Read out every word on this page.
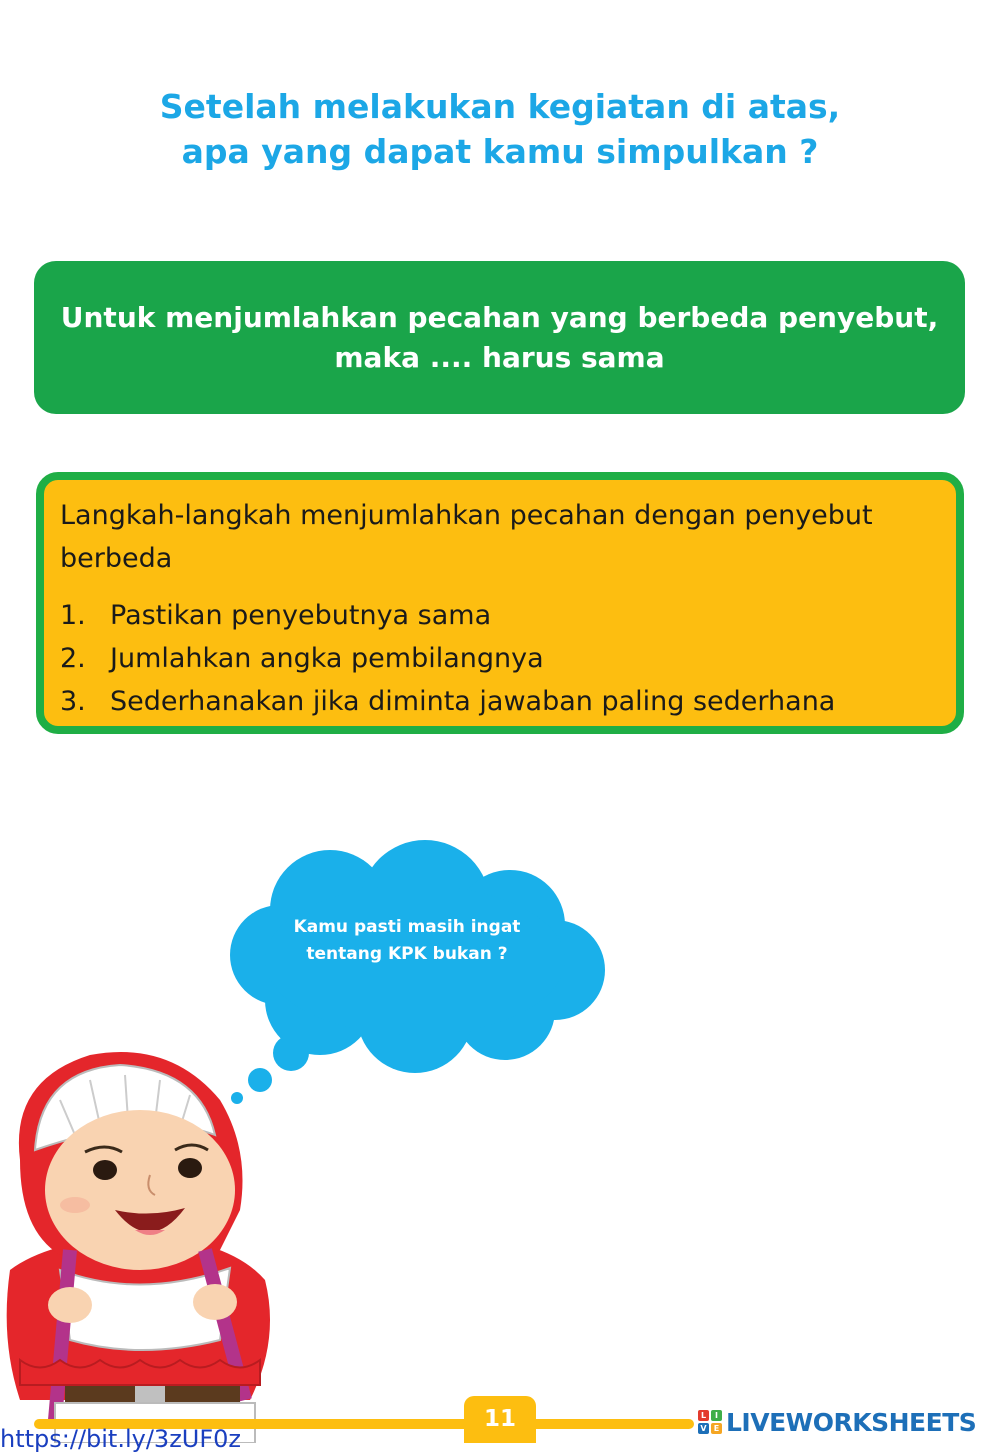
Setelah melakukan kegiatan di atas,
apa yang dapat kamu simpulkan ?
Untuk menjumlahkan pecahan yang berbeda penyebut,
maka .... harus sama
Langkah-langkah menjumlahkan pecahan dengan penyebut berbeda
1. Pastikan penyebutnya sama
2. Jumlahkan angka pembilangnya
3. Sederhanakan jika diminta jawaban paling sederhana
Kamu pasti masih ingat
tentang KPK bukan ?
11	L	I
V E LIVEWORKSHEETS
https://bit.ly/3zUF0z
